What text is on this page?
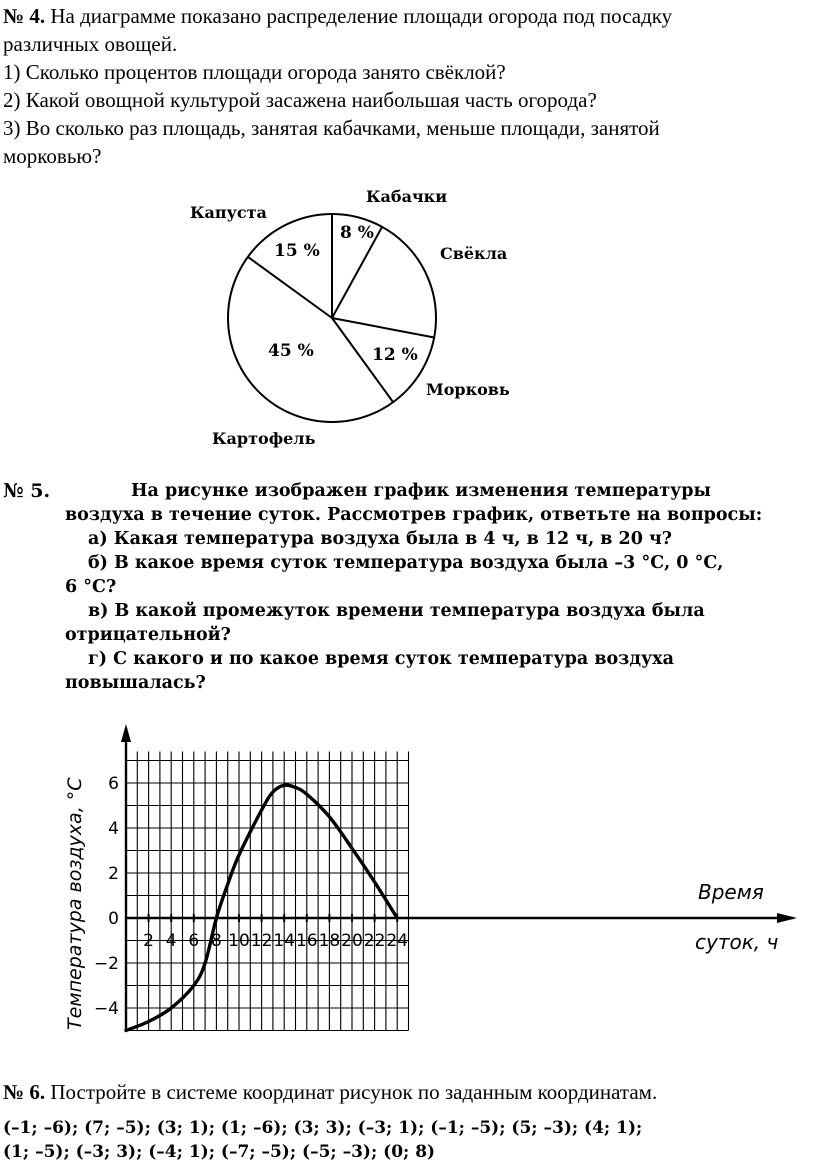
№ 4. На диаграмме показано распределение площади огорода под посадку
различных овощей.
1) Сколько процентов площади огорода занято свёклой?
2) Какой овощной культурой засажена наибольшая часть огорода?
3) Во сколько раз площадь, занятая кабачками, меньше площади, занятой
морковью?
Капуста
Кабачки
Свёкла
Морковь
Картофель
15 %
8 %
12 %
45 %
№ 5.	На рисунке изображен график изменения температуры
воздуха в течение суток. Рассмотрев график, ответьте на вопросы:
а) Какая температура воздуха была в 4 ч, в 12 ч, в 20 ч?
б) В какое время суток температура воздуха была –3 °С, 0 °С,
6 °С?
в) В какой промежуток времени температура воздуха была
отрицательной?
г) С какого и по какое время суток температура воздуха
повышалась?
2 4 6 8 10 12 14 16 18 20 22 24
6
4
2
0
−2
−4
Время
суток, ч
Температура воздуха, °С
№ 6. Постройте в системе координат рисунок по заданным координатам.
(–1; –6); (7; –5); (3; 1); (1; –6); (3; 3); (–3; 1); (–1; –5); (5; –3); (4; 1);
(1; –5); (–3; 3); (–4; 1); (–7; –5); (–5; –3); (0; 8)
